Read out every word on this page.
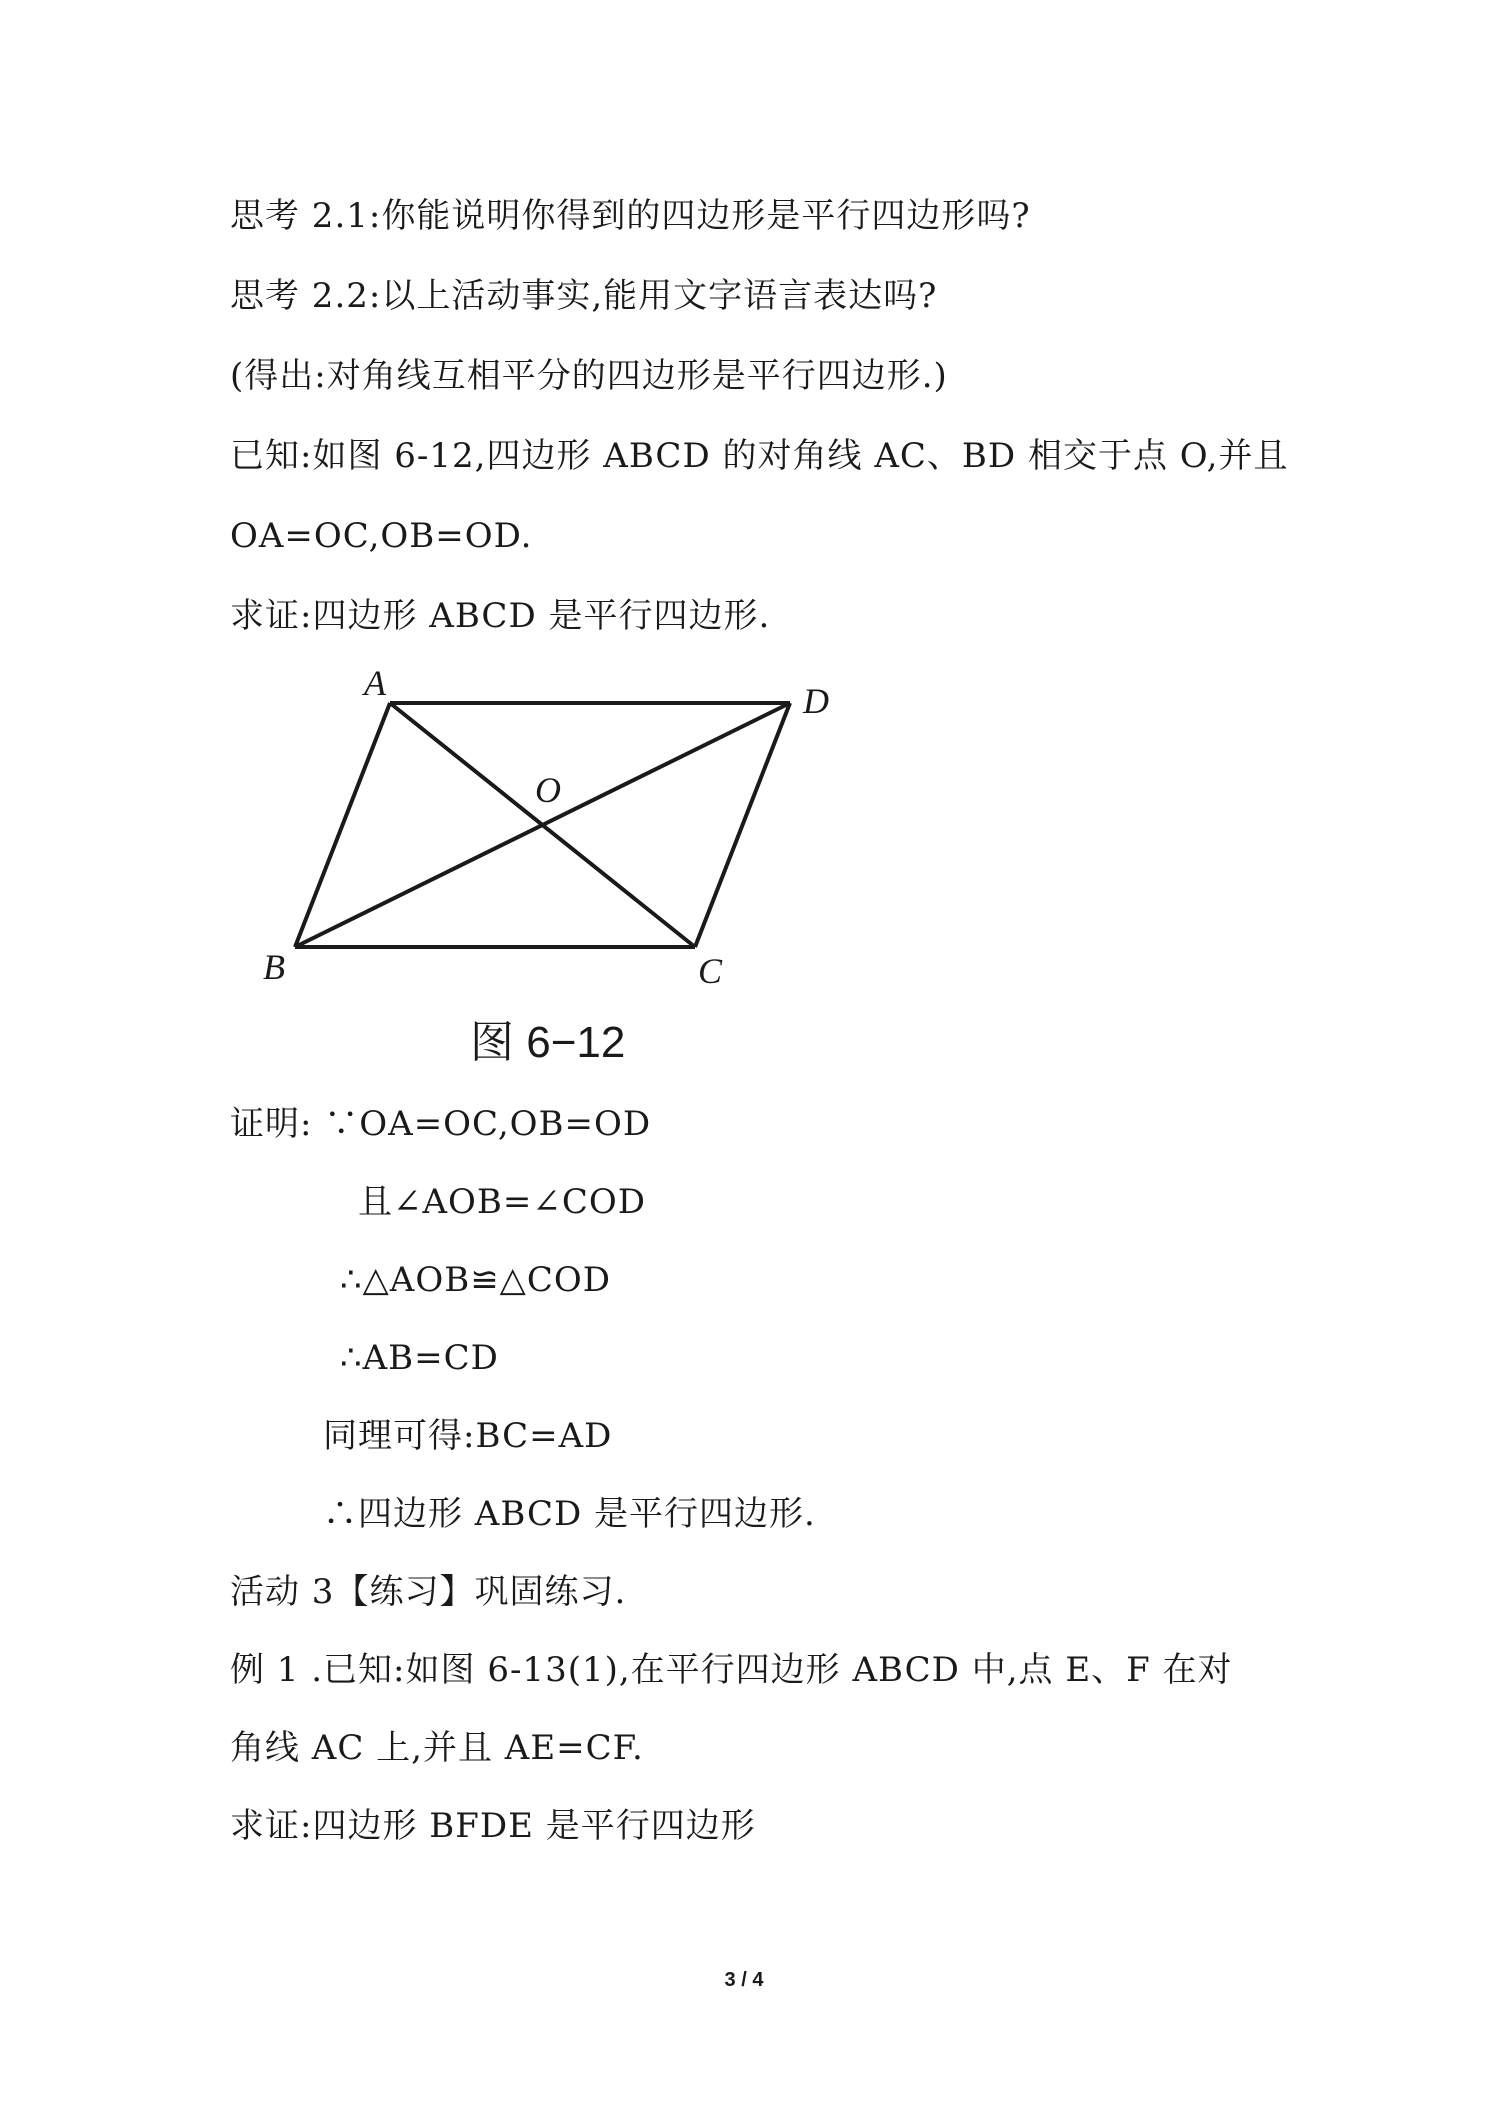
思考 2.1:你能说明你得到的四边形是平行四边形吗?
思考 2.2:以上活动事实,能用文字语言表达吗?
(得出:对角线互相平分的四边形是平行四边形.)
已知:如图 6-12,四边形 ABCD 的对角线 AC、BD 相交于点 O,并且
OA=OC,OB=OD.
求证:四边形 ABCD 是平行四边形.
A	D
O
B	C
图 6−12
证明: ∵OA=OC,OB=OD
且∠AOB=∠COD
∴△AOB≌△COD
∴AB=CD
同理可得:BC=AD
∴四边形 ABCD 是平行四边形.
活动 3【练习】巩固练习.
例 1 .已知:如图 6-13(1),在平行四边形 ABCD 中,点 E、F 在对
角线 AC 上,并且 AE=CF.
求证:四边形 BFDE 是平行四边形
3 / 4
